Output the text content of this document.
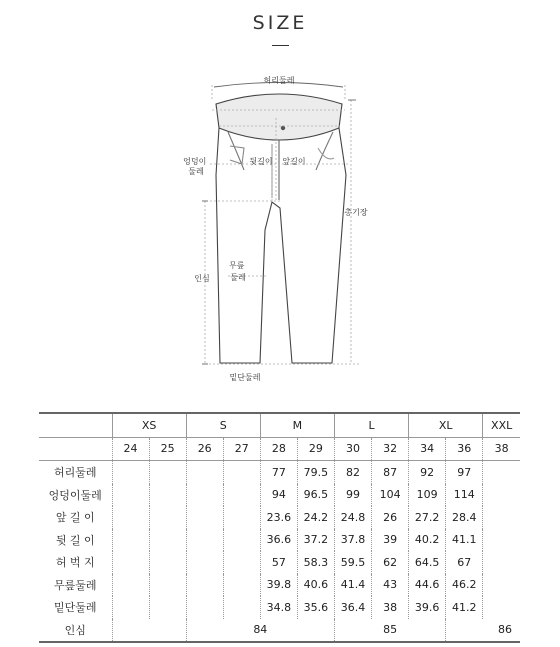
SIZE
허리둘레
엉덩이 둘레
뒷길이 앞길이
총기장
인심
무릎 둘레
밑단둘레
	XS		S		M		L		XL		XXL
	24	25	26	27	28	29	30	32	34	36	38
허리둘레					77	79.5	82	87	92	97	
엉덩이둘레					94	96.5	99	104	109	114	
앞 길 이					23.6	24.2	24.8	26	27.2	28.4	
뒷 길 이					36.6	37.2	37.8	39	40.2	41.1	
허 벅 지					57	58.3	59.5	62	64.5	67	
무릎둘레					39.8	40.6	41.4	43	44.6	46.2	
밑단둘레					34.8	35.6	36.4	38	39.6	41.2	
인심			84				85			86	
